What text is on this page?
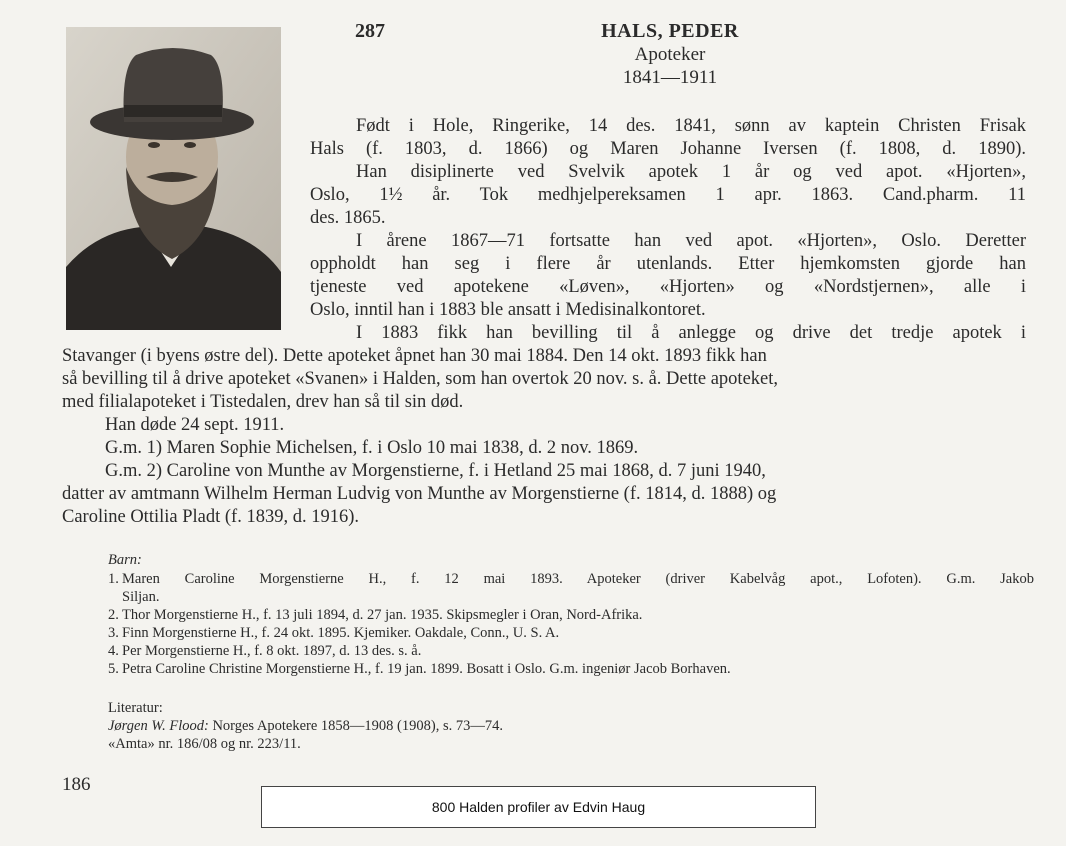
287	HALS, PEDER
Apoteker
1841—1911
Født i Hole, Ringerike, 14 des. 1841, sønn av kaptein Christen Frisak
Hals (f. 1803, d. 1866) og Maren Johanne Iversen (f. 1808, d. 1890).
Han disiplinerte ved Svelvik apotek 1 år og ved apot. «Hjorten»,
Oslo, 1½ år. Tok medhjelpereksamen 1 apr. 1863. Cand.pharm. 11
des. 1865.
I årene 1867—71 fortsatte han ved apot. «Hjorten», Oslo. Deretter
oppholdt han seg i flere år utenlands. Etter hjemkomsten gjorde han
tjeneste ved apotekene «Løven», «Hjorten» og «Nordstjernen», alle i
Oslo, inntil han i 1883 ble ansatt i Medisinalkontoret.
I 1883 fikk han bevilling til å anlegge og drive det tredje apotek i
Stavanger (i byens østre del). Dette apoteket åpnet han 30 mai 1884. Den 14 okt. 1893 fikk han
så bevilling til å drive apoteket «Svanen» i Halden, som han overtok 20 nov. s. å. Dette apoteket,
med filialapoteket i Tistedalen, drev han så til sin død.
Han døde 24 sept. 1911.
G.m. 1) Maren Sophie Michelsen, f. i Oslo 10 mai 1838, d. 2 nov. 1869.
G.m. 2) Caroline von Munthe av Morgenstierne, f. i Hetland 25 mai 1868, d. 7 juni 1940,
datter av amtmann Wilhelm Herman Ludvig von Munthe av Morgenstierne (f. 1814, d. 1888) og
Caroline Ottilia Pladt (f. 1839, d. 1916).
Barn:
1. Maren Caroline Morgenstierne H., f. 12 mai 1893. Apoteker (driver Kabelvåg apot., Lofoten). G.m. Jakob
Siljan.
2. Thor Morgenstierne H., f. 13 juli 1894, d. 27 jan. 1935. Skipsmegler i Oran, Nord-Afrika.
3. Finn Morgenstierne H., f. 24 okt. 1895. Kjemiker. Oakdale, Conn., U. S. A.
4. Per Morgenstierne H., f. 8 okt. 1897, d. 13 des. s. å.
5. Petra Caroline Christine Morgenstierne H., f. 19 jan. 1899. Bosatt i Oslo. G.m. ingeniør Jacob Borhaven.
Literatur:
Jørgen W. Flood: Norges Apotekere 1858—1908 (1908), s. 73—74.
«Amta» nr. 186/08 og nr. 223/11.
186
800 Halden profiler av Edvin Haug
